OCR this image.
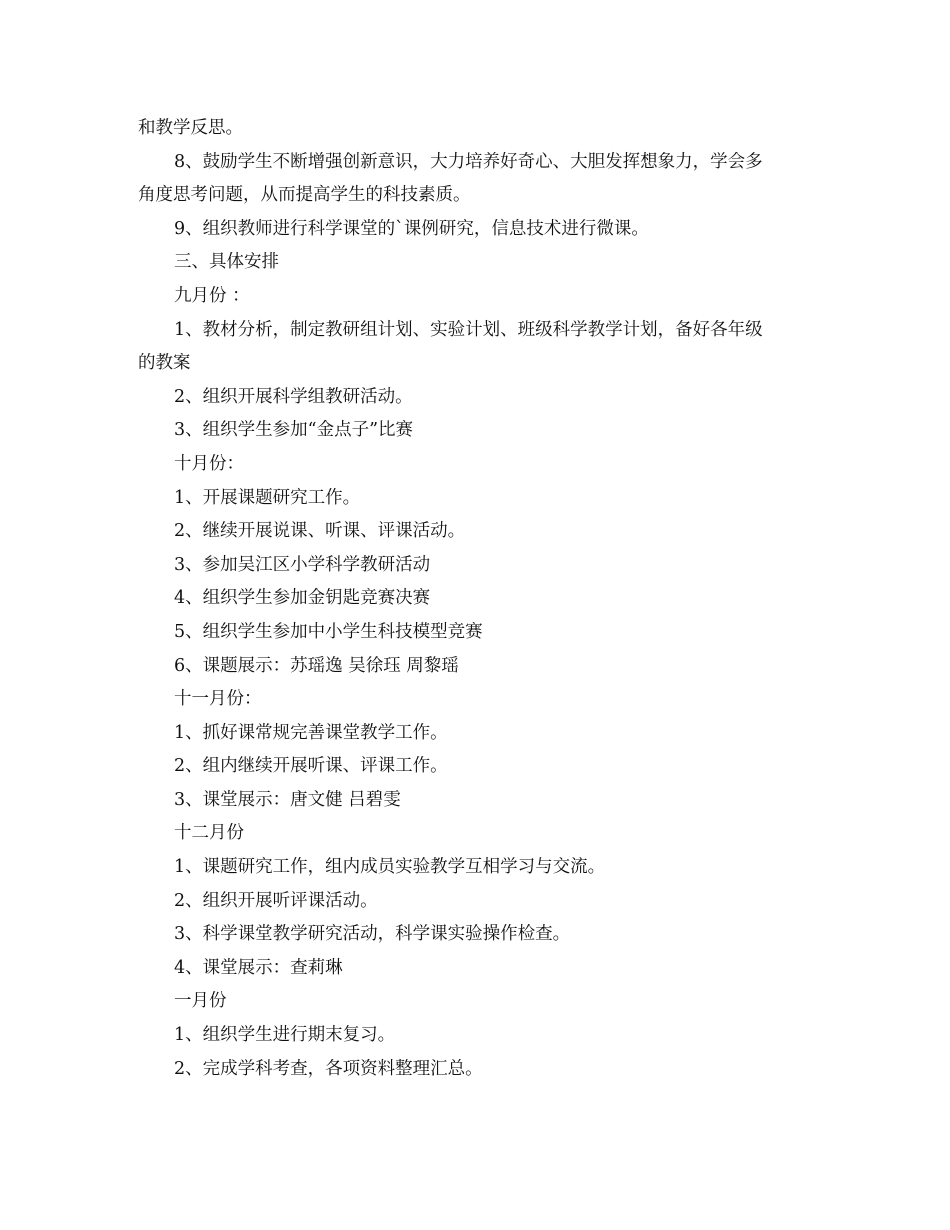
和教学反思。

8、鼓励学生不断增强创新意识，大力培养好奇心、大胆发挥想象力，学会多

角度思考问题，从而提高学生的科技素质。

9、组织教师进行科学课堂的`课例研究，信息技术进行微课。

三、具体安排

九月份 ：

1、教材分析，制定教研组计划、实验计划、班级科学教学计划，备好各年级

的教案

2、组织开展科学组教研活动。

3、组织学生参加“金点子”比赛

十月份：

1、开展课题研究工作。

2、继续开展说课、听课、评课活动。

3、参加吴江区小学科学教研活动

4、组织学生参加金钥匙竞赛决赛

5、组织学生参加中小学生科技模型竞赛

6、课题展示：苏瑶逸 吴徐珏 周黎瑶

十一月份：

1、抓好课常规完善课堂教学工作。

2、组内继续开展听课、评课工作。

3、课堂展示：唐文健 吕碧雯

十二月份

1、课题研究工作，组内成员实验教学互相学习与交流。

2、组织开展听评课活动。

3、科学课堂教学研究活动，科学课实验操作检查。

4、课堂展示：查莉琳

一月份

1、组织学生进行期末复习。

2、完成学科考查，各项资料整理汇总。
